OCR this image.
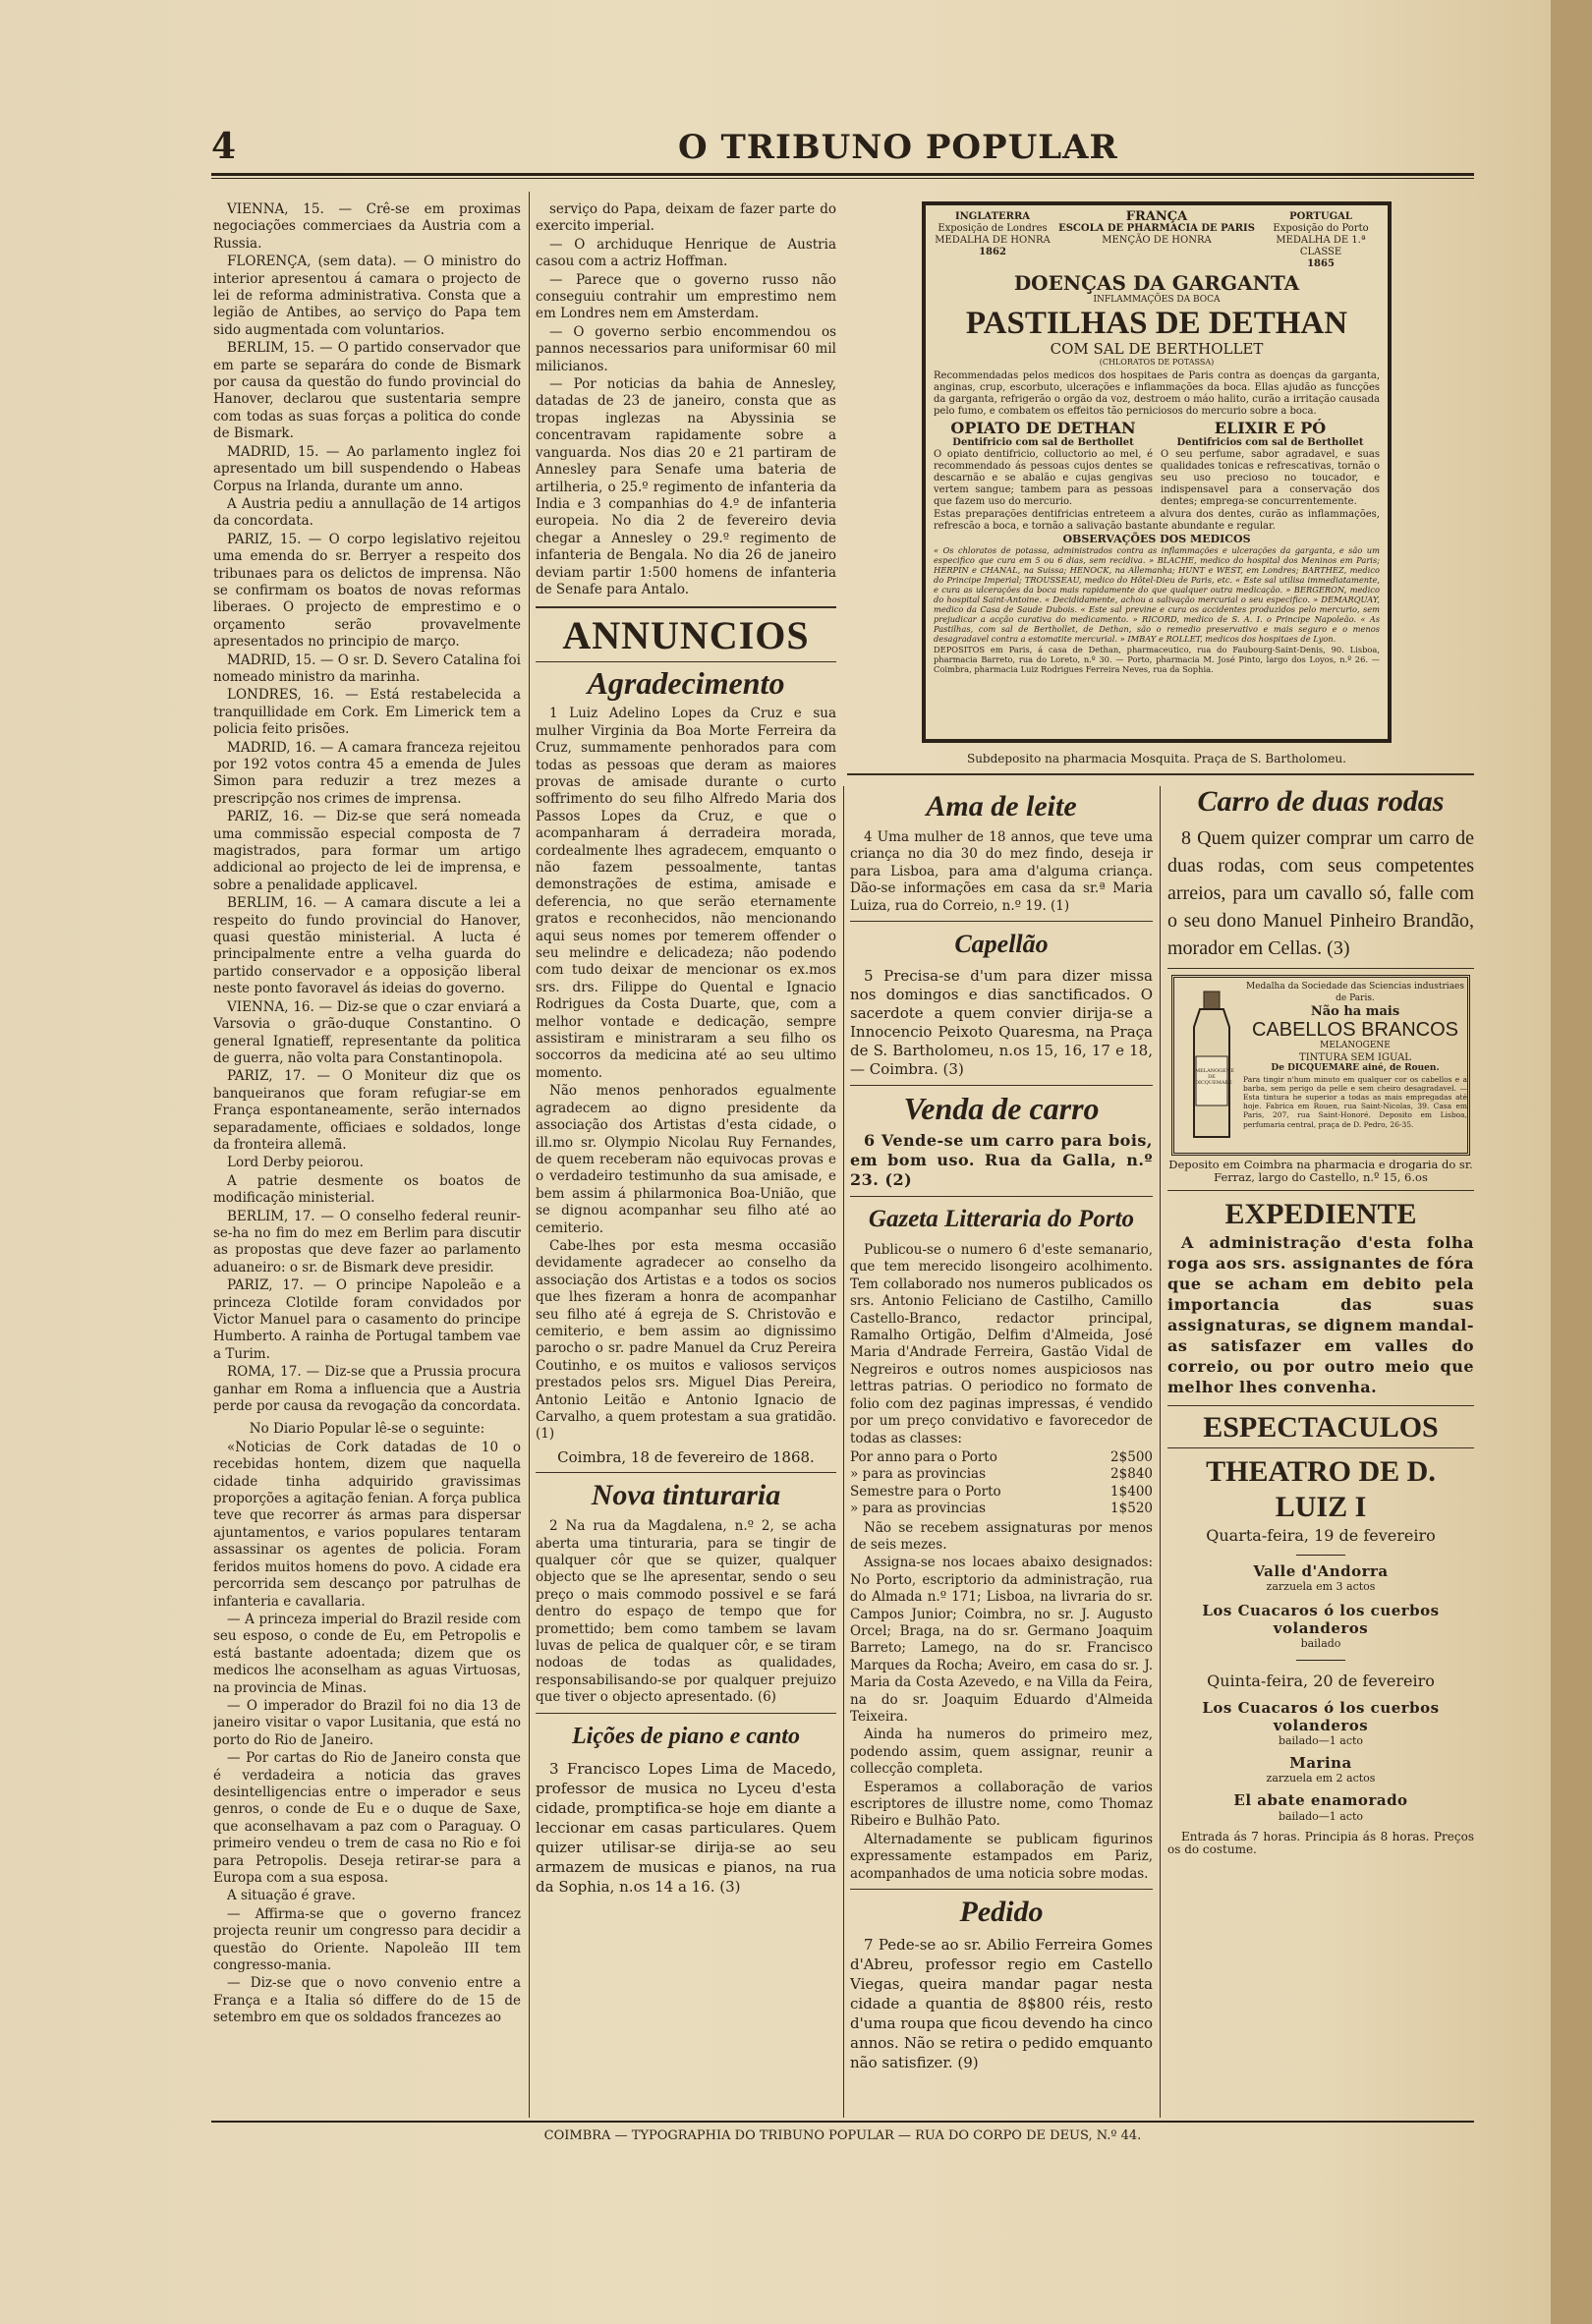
4	O TRIBUNO POPULAR

VIENNA, 15. — Crê-se em proximas negociações commerciaes da Austria com a Russia.

FLORENÇA, (sem data). — O ministro do interior apresentou á camara o projecto de lei de reforma administrativa. Consta que a legião de Antibes, ao serviço do Papa tem sido augmentada com voluntarios.

BERLIM, 15. — O partido conservador que em parte se separára do conde de Bismark por causa da questão do fundo provincial do Hanover, declarou que sustentaria sempre com todas as suas forças a politica do conde de Bismark.

MADRID, 15. — Ao parlamento inglez foi apresentado um bill suspendendo o Habeas Corpus na Irlanda, durante um anno.

A Austria pediu a annullação de 14 artigos da concordata.

PARIZ, 15. — O corpo legislativo rejeitou uma emenda do sr. Berryer a respeito dos tribunaes para os delictos de imprensa. Não se confirmam os boatos de novas reformas liberaes. O projecto de emprestimo e o orçamento serão provavelmente apresentados no principio de março.

MADRID, 15. — O sr. D. Severo Catalina foi nomeado ministro da marinha.

LONDRES, 16. — Está restabelecida a tranquillidade em Cork. Em Limerick tem a policia feito prisões.

MADRID, 16. — A camara franceza rejeitou por 192 votos contra 45 a emenda de Jules Simon para reduzir a trez mezes a prescripção nos crimes de imprensa.

PARIZ, 16. — Diz-se que será nomeada uma commissão especial composta de 7 magistrados, para formar um artigo addicional ao projecto de lei de imprensa, e sobre a penalidade applicavel.

BERLIM, 16. — A camara discute a lei a respeito do fundo provincial do Hanover, quasi questão ministerial. A lucta é principalmente entre a velha guarda do partido conservador e a opposição liberal neste ponto favoravel ás ideias do governo.

VIENNA, 16. — Diz-se que o czar enviará a Varsovia o grão-duque Constantino. O general Ignatieff, representante da politica de guerra, não volta para Constantinopola.

PARIZ, 17. — O Moniteur diz que os banqueiranos que foram refugiar-se em França espontaneamente, serão internados separadamente, officiaes e soldados, longe da fronteira allemã.

Lord Derby peiorou.

A patrie desmente os boatos de modificação ministerial.

BERLIM, 17. — O conselho federal reunir-se-ha no fim do mez em Berlim para discutir as propostas que deve fazer ao parlamento aduaneiro: o sr. de Bismark deve presidir.

PARIZ, 17. — O principe Napoleão e a princeza Clotilde foram convidados por Victor Manuel para o casamento do principe Humberto. A rainha de Portugal tambem vae a Turim.

ROMA, 17. — Diz-se que a Prussia procura ganhar em Roma a influencia que a Austria perde por causa da revogação da concordata.

No Diario Popular lê-se o seguinte:

«Noticias de Cork datadas de 10 o recebidas hontem, dizem que naquella cidade tinha adquirido gravissimas proporções a agitação fenian. A força publica teve que recorrer ás armas para dispersar ajuntamentos, e varios populares tentaram assassinar os agentes de policia. Foram feridos muitos homens do povo. A cidade era percorrida sem descanço por patrulhas de infanteria e cavallaria.

— A princeza imperial do Brazil reside com seu esposo, o conde de Eu, em Petropolis e está bastante adoentada; dizem que os medicos lhe aconselham as aguas Virtuosas, na provincia de Minas.

— O imperador do Brazil foi no dia 13 de janeiro visitar o vapor Lusitania, que está no porto do Rio de Janeiro.

— Por cartas do Rio de Janeiro consta que é verdadeira a noticia das graves desintelligencias entre o imperador e seus genros, o conde de Eu e o duque de Saxe, que aconselhavam a paz com o Paraguay. O primeiro vendeu o trem de casa no Rio e foi para Petropolis. Deseja retirar-se para a Europa com a sua esposa.

A situação é grave.

— Affirma-se que o governo francez projecta reunir um congresso para decidir a questão do Oriente. Napoleão III tem congresso-mania.

— Diz-se que o novo convenio entre a França e a Italia só differe do de 15 de setembro em que os soldados francezes ao

serviço do Papa, deixam de fazer parte do exercito imperial.

— O archiduque Henrique de Austria casou com a actriz Hoffman.

— Parece que o governo russo não conseguiu contrahir um emprestimo nem em Londres nem em Amsterdam.

— O governo serbio encommendou os pannos necessarios para uniformisar 60 mil milicianos.

— Por noticias da bahia de Annesley, datadas de 23 de janeiro, consta que as tropas inglezas na Abyssinia se concentravam rapidamente sobre a vanguarda. Nos dias 20 e 21 partiram de Annesley para Senafe uma bateria de artilheria, o 25.º regimento de infanteria da India e 3 companhias do 4.º de infanteria europeia. No dia 2 de fevereiro devia chegar a Annesley o 29.º regimento de infanteria de Bengala. No dia 26 de janeiro deviam partir 1:500 homens de infanteria de Senafe para Antalo.

ANNUNCIOS
Agradecimento

1 Luiz Adelino Lopes da Cruz e sua mulher Virginia da Boa Morte Ferreira da Cruz, summamente penhorados para com todas as pessoas que deram as maiores provas de amisade durante o curto soffrimento do seu filho Alfredo Maria dos Passos Lopes da Cruz, e que o acompanharam á derradeira morada, cordealmente lhes agradecem, emquanto o não fazem pessoalmente, tantas demonstrações de estima, amisade e deferencia, no que serão eternamente gratos e reconhecidos, não mencionando aqui seus nomes por temerem offender o seu melindre e delicadeza; não podendo com tudo deixar de mencionar os ex.mos srs. drs. Filippe do Quental e Ignacio Rodrigues da Costa Duarte, que, com a melhor vontade e dedicação, sempre assistiram e ministraram a seu filho os soccorros da medicina até ao seu ultimo momento.

Não menos penhorados egualmente agradecem ao digno presidente da associação dos Artistas d'esta cidade, o ill.mo sr. Olympio Nicolau Ruy Fernandes, de quem receberam não equivocas provas e o verdadeiro testimunho da sua amisade, e bem assim á philarmonica Boa-União, que se dignou acompanhar seu filho até ao cemiterio.

Cabe-lhes por esta mesma occasião devidamente agradecer ao conselho da associação dos Artistas e a todos os socios que lhes fizeram a honra de acompanhar seu filho até á egreja de S. Christovão e cemiterio, e bem assim ao dignissimo parocho o sr. padre Manuel da Cruz Pereira Coutinho, e os muitos e valiosos serviços prestados pelos srs. Miguel Dias Pereira, Antonio Leitão e Antonio Ignacio de Carvalho, a quem protestam a sua gratidão. (1)

Coimbra, 18 de fevereiro de 1868.

Nova tinturaria

2 Na rua da Magdalena, n.º 2, se acha aberta uma tinturaria, para se tingir de qualquer côr que se quizer, qualquer objecto que se lhe apresentar, sendo o seu preço o mais commodo possivel e se fará dentro do espaço de tempo que for promettido; bem como tambem se lavam luvas de pelica de qualquer côr, e se tiram nodoas de todas as qualidades, responsabilisando-se por qualquer prejuizo que tiver o objecto apresentado. (6)

Lições de piano e canto

3 Francisco Lopes Lima de Macedo, professor de musica no Lyceu d'esta cidade, promptifica-se hoje em diante a leccionar em casas particulares. Quem quizer utilisar-se dirija-se ao seu armazem de musicas e pianos, na rua da Sophia, n.os 14 a 16. (3)

INGLATERRA
Exposição de Londres
MEDALHA DE HONRA
1862
FRANÇA
ESCOLA DE PHARMACIA DE PARIS
MENÇÃO DE HONRA
PORTUGAL
Exposição do Porto
MEDALHA DE 1.ª CLASSE
1865
DOENÇAS DA GARGANTA
INFLAMMAÇÕES DA BOCA
PASTILHAS DE DETHAN
COM SAL DE BERTHOLLET
(CHLORATOS DE POTASSA)
Recommendadas pelos medicos dos hospitaes de Paris contra as doenças da garganta, anginas, crup, escorbuto, ulcerações e inflammações da boca. Ellas ajudão as funcções da garganta, refrigerão o orgão da voz, destroem o máo halito, curão a irritação causada pelo fumo, e combatem os effeitos tão perniciosos do mercurio sobre a boca.
OPIATO DE DETHAN
Dentifricio com sal de Berthollet
O opiato dentifricio, colluctorio ao mel, é recommendado ás pessoas cujos dentes se descarnão e se abalão e cujas gengivas vertem sangue; tambem para as pessoas que fazem uso do mercurio.
ELIXIR E PÓ
Dentifricios com sal de Berthollet
O seu perfume, sabor agradavel, e suas qualidades tonicas e refrescativas, tornão o seu uso precioso no toucador, e indispensavel para a conservação dos dentes; emprega-se concurrentemente.
Estas preparações dentifricias entreteem a alvura dos dentes, curão as inflammações, refrescão a boca, e tornão a salivação bastante abundante e regular.
OBSERVAÇÕES DOS MEDICOS
« Os chloratos de potassa, administrados contra as inflammações e ulcerações da garganta, e são um especifico que cura em 5 ou 6 dias, sem recidiva. » BLACHE, medico do hospital dos Meninos em Paris; HERPIN e CHANAL, na Suissa; HENOCK, na Allemanha; HUNT e WEST, em Londres; BARTHEZ, medico do Principe Imperial; TROUSSEAU, medico do Hôtel-Dieu de Paris, etc. « Este sal utilisa immediatamente, e cura as ulcerações da boca mais rapidamente do que qualquer outra medicação. » BERGERON, medico do hospital Saint-Antoine. « Decididamente, achou a salivação mercurial o seu especifico. » DEMARQUAY, medico da Casa de Saude Dubois. « Este sal previne e cura os accidentes produzidos pelo mercurio, sem prejudicar a acção curativa do medicamento. » RICORD, medico de S. A. I. o Principe Napoleão. « As Pastilhas, com sal de Berthollet, de Dethan, são o remedio preservativo e mais seguro e o menos desagradavel contra a estomatite mercurial. » IMBAY e ROLLET, medicos dos hospitaes de Lyon.
DEPOSITOS em Paris, á casa de Dethan, pharmaceutico, rua do Faubourg-Saint-Denis, 90. Lisboa, pharmacia Barreto, rua do Loreto, n.º 30. — Porto, pharmacia M. José Pinto, largo dos Loyos, n.º 26. — Coimbra, pharmacia Luiz Rodrigues Ferreira Neves, rua da Sophia.
Subdeposito na pharmacia Mosquita. Praça de S. Bartholomeu.
Ama de leite

4 Uma mulher de 18 annos, que teve uma criança no dia 30 do mez findo, deseja ir para Lisboa, para ama d'alguma criança. Dão-se informações em casa da sr.ª Maria Luiza, rua do Correio, n.º 19. (1)

Capellão

5 Precisa-se d'um para dizer missa nos domingos e dias sanctificados. O sacerdote a quem convier dirija-se a Innocencio Peixoto Quaresma, na Praça de S. Bartholomeu, n.os 15, 16, 17 e 18, — Coimbra. (3)

Venda de carro

6 Vende-se um carro para bois, em bom uso. Rua da Galla, n.º 23. (2)

Gazeta Litteraria do Porto

Publicou-se o numero 6 d'este semanario, que tem merecido lisongeiro acolhimento. Tem collaborado nos numeros publicados os srs. Antonio Feliciano de Castilho, Camillo Castello-Branco, redactor principal, Ramalho Ortigão, Delfim d'Almeida, José Maria d'Andrade Ferreira, Gastão Vidal de Negreiros e outros nomes auspiciosos nas lettras patrias. O periodico no formato de folio com dez paginas impressas, é vendido por um preço convidativo e favorecedor de todas as classes:

Por anno para o Porto	2$500
» para as provincias	2$840
Semestre para o Porto	1$400
» para as provincias	1$520

Não se recebem assignaturas por menos de seis mezes.

Assigna-se nos locaes abaixo designados: No Porto, escriptorio da administração, rua do Almada n.º 171; Lisboa, na livraria do sr. Campos Junior; Coimbra, no sr. J. Augusto Orcel; Braga, na do sr. Germano Joaquim Barreto; Lamego, na do sr. Francisco Marques da Rocha; Aveiro, em casa do sr. J. Maria da Costa Azevedo, e na Villa da Feira, na do sr. Joaquim Eduardo d'Almeida Teixeira.

Ainda ha numeros do primeiro mez, podendo assim, quem assignar, reunir a collecção completa.

Esperamos a collaboração de varios escriptores de illustre nome, como Thomaz Ribeiro e Bulhão Pato.

Alternadamente se publicam figurinos expressamente estampados em Pariz, acompanhados de uma noticia sobre modas.

Pedido

7 Pede-se ao sr. Abilio Ferreira Gomes d'Abreu, professor regio em Castello Viegas, queira mandar pagar nesta cidade a quantia de 8$800 réis, resto d'uma roupa que ficou devendo ha cinco annos. Não se retira o pedido emquanto não satisfizer. (9)

Carro de duas rodas

8 Quem quizer comprar um carro de duas rodas, com seus competentes arreios, para um cavallo só, falle com o seu dono Manuel Pinheiro Brandão, morador em Cellas. (3)

MELANOGENE DE DICQUEMARE
Medalha da Sociedade das Sciencias industriaes de Paris.
Não ha mais
CABELLOS BRANCOS
MELANOGENE
TINTURA SEM IGUAL
De DICQUEMARE ainé, de Rouen.
Para tingir n'hum minuto em qualquer cor os cabellos e a barba, sem perigo da pelle e sem cheiro desagradavel. — Esta tintura he superior a todas as mais empregadas até hoje. Fabrica em Rouen, rua Saint-Nicolas, 39. Casa em Paris, 207, rua Saint-Honoré. Deposito em Lisboa, perfumaria central, praça de D. Pedro, 26-35.
Deposito em Coimbra na pharmacia e drogaria do sr. Ferraz, largo do Castello, n.º 15, 6.os
EXPEDIENTE

A administração d'esta folha roga aos srs. assignantes de fóra que se acham em debito pela importancia das suas assignaturas, se dignem mandal-as satisfazer em valles do correio, ou por outro meio que melhor lhes convenha.

ESPECTACULOS
THEATRO DE D. LUIZ I
Quarta-feira, 19 de fevereiro
Valle d'Andorra
zarzuela em 3 actos
Los Cuacaros ó los cuerbos volanderos
bailado
Quinta-feira, 20 de fevereiro
Los Cuacaros ó los cuerbos volanderos
bailado—1 acto
Marina
zarzuela em 2 actos
El abate enamorado
bailado—1 acto

Entrada ás 7 horas. Principia ás 8 horas. Preços os do costume.

COIMBRA — TYPOGRAPHIA DO TRIBUNO POPULAR — RUA DO CORPO DE DEUS, N.º 44.
